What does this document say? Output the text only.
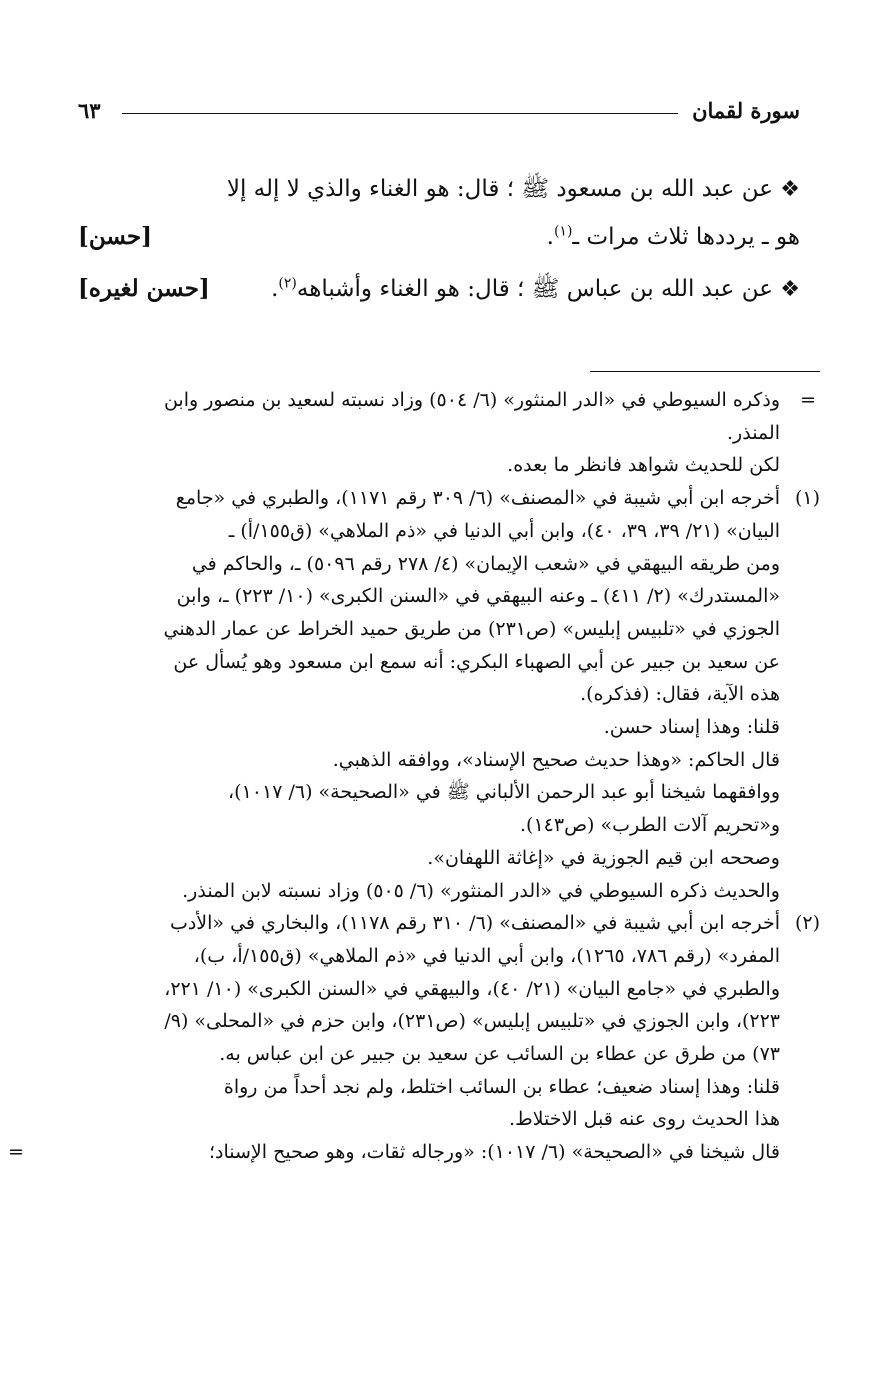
سورة لقمان
٦٣
❖ عن عبد الله بن مسعود ﷺ ؛ قال: هو الغناء والذي لا إله إلا
هو ـ يرددها ثلاث مرات ـ$^{(١)}$.
[حسن]
❖ عن عبد الله بن عباس ﷺ ؛ قال: هو الغناء وأشباهه$^{(٢)}$.
[حسن لغيره]
=
وذكره السيوطي في «الدر المنثور» (٦/ ٥٠٤) وزاد نسبته لسعيد بن منصور وابن
المنذر.
لكن للحديث شواهد فانظر ما بعده.
(١)
أخرجه ابن أبي شيبة في «المصنف» (٦/ ٣٠٩ رقم ١١٧١)، والطبري في «جامع
البيان» (٢١/ ٣٩، ٣٩، ٤٠)، وابن أبي الدنيا في «ذم الملاهي» (ق١٥٥/أ) ـ
ومن طريقه البيهقي في «شعب الإيمان» (٤/ ٢٧٨ رقم ٥٠٩٦) ـ، والحاكم في
«المستدرك» (٢/ ٤١١) ـ وعنه البيهقي في «السنن الكبرى» (١٠/ ٢٢٣) ـ، وابن
الجوزي في «تلبيس إبليس» (ص٢٣١) من طريق حميد الخراط عن عمار الدهني
عن سعيد بن جبير عن أبي الصهباء البكري: أنه سمع ابن مسعود وهو يُسأل عن
هذه الآية، فقال: (فذكره).
قلنا: وهذا إسناد حسن.
قال الحاكم: «وهذا حديث صحيح الإسناد»، ووافقه الذهبي.
ووافقهما شيخنا أبو عبد الرحمن الألباني ﷺ في «الصحيحة» (٦/ ١٠١٧)،
و«تحريم آلات الطرب» (ص١٤٣).
وصححه ابن قيم الجوزية في «إغاثة اللهفان».
والحديث ذكره السيوطي في «الدر المنثور» (٦/ ٥٠٥) وزاد نسبته لابن المنذر.
(٢)
أخرجه ابن أبي شيبة في «المصنف» (٦/ ٣١٠ رقم ١١٧٨)، والبخاري في «الأدب
المفرد» (رقم ٧٨٦، ١٢٦٥)، وابن أبي الدنيا في «ذم الملاهي» (ق١٥٥/أ، ب)،
والطبري في «جامع البيان» (٢١/ ٤٠)، والبيهقي في «السنن الكبرى» (١٠/ ٢٢١،
٢٢٣)، وابن الجوزي في «تلبيس إبليس» (ص٢٣١)، وابن حزم في «المحلى» (٩/
٧٣) من طرق عن عطاء بن السائب عن سعيد بن جبير عن ابن عباس به.
قلنا: وهذا إسناد ضعيف؛ عطاء بن السائب اختلط، ولم نجد أحداً من رواة
هذا الحديث روى عنه قبل الاختلاط.
قال شيخنا في «الصحيحة» (٦/ ١٠١٧): «ورجاله ثقات، وهو صحيح الإسناد؛
=
